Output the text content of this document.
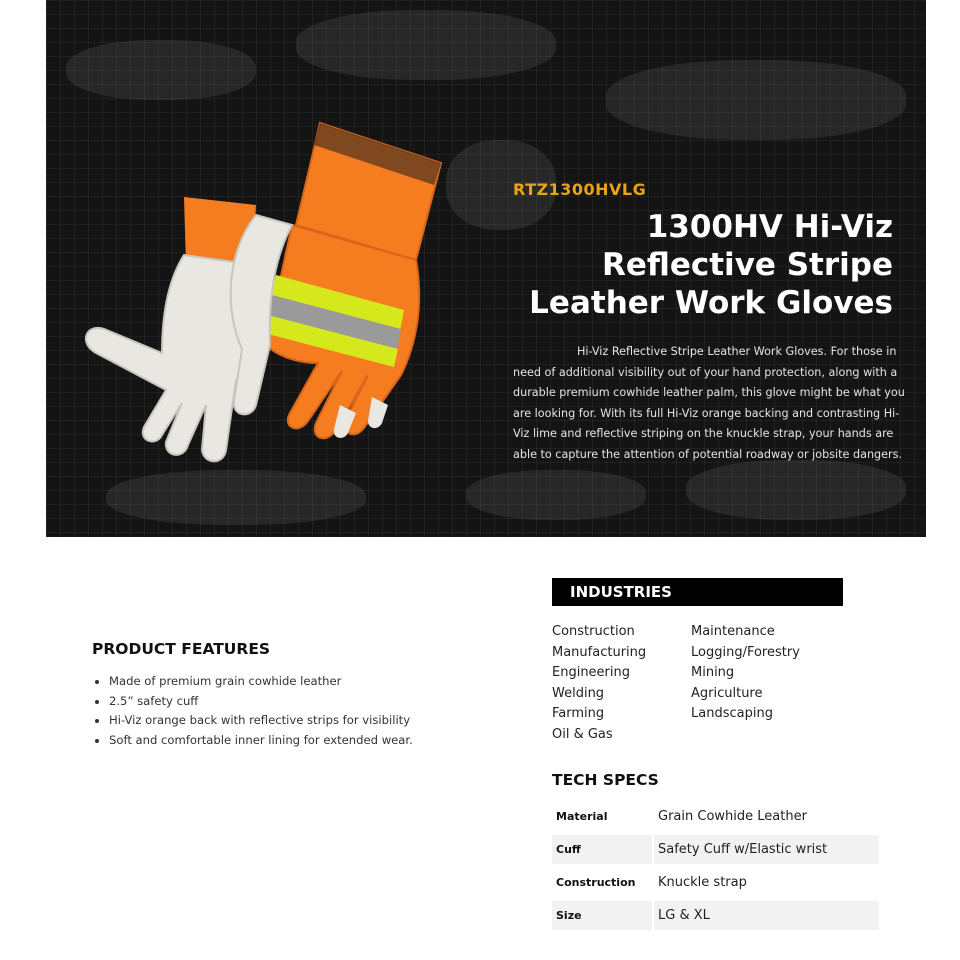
RTZ1300HVLG
1300HV Hi-Viz Reflective Stripe Leather Work Gloves

Hi-Viz Reflective Stripe Leather Work Gloves. For those in need of additional visibility out of your hand protection, along with a durable premium cowhide leather palm, this glove might be what you are looking for. With its full Hi-Viz orange backing and contrasting Hi-Viz lime and reflective striping on the knuckle strap, your hands are able to capture the attention of potential roadway or jobsite dangers.

PRODUCT FEATURES
• Made of premium grain cowhide leather
• 2.5” safety cuff
• Hi-Viz orange back with reflective strips for visibility
• Soft and comfortable inner lining for extended wear.
INDUSTRIES
Construction
Manufacturing
Engineering
Welding
Farming
Oil & Gas
Maintenance
Logging/Forestry
Mining
Agriculture
Landscaping
TECH SPECS
Material	Grain Cowhide Leather
Cuff	Safety Cuff w/Elastic wrist
Construction	Knuckle strap
Size	LG & XL
